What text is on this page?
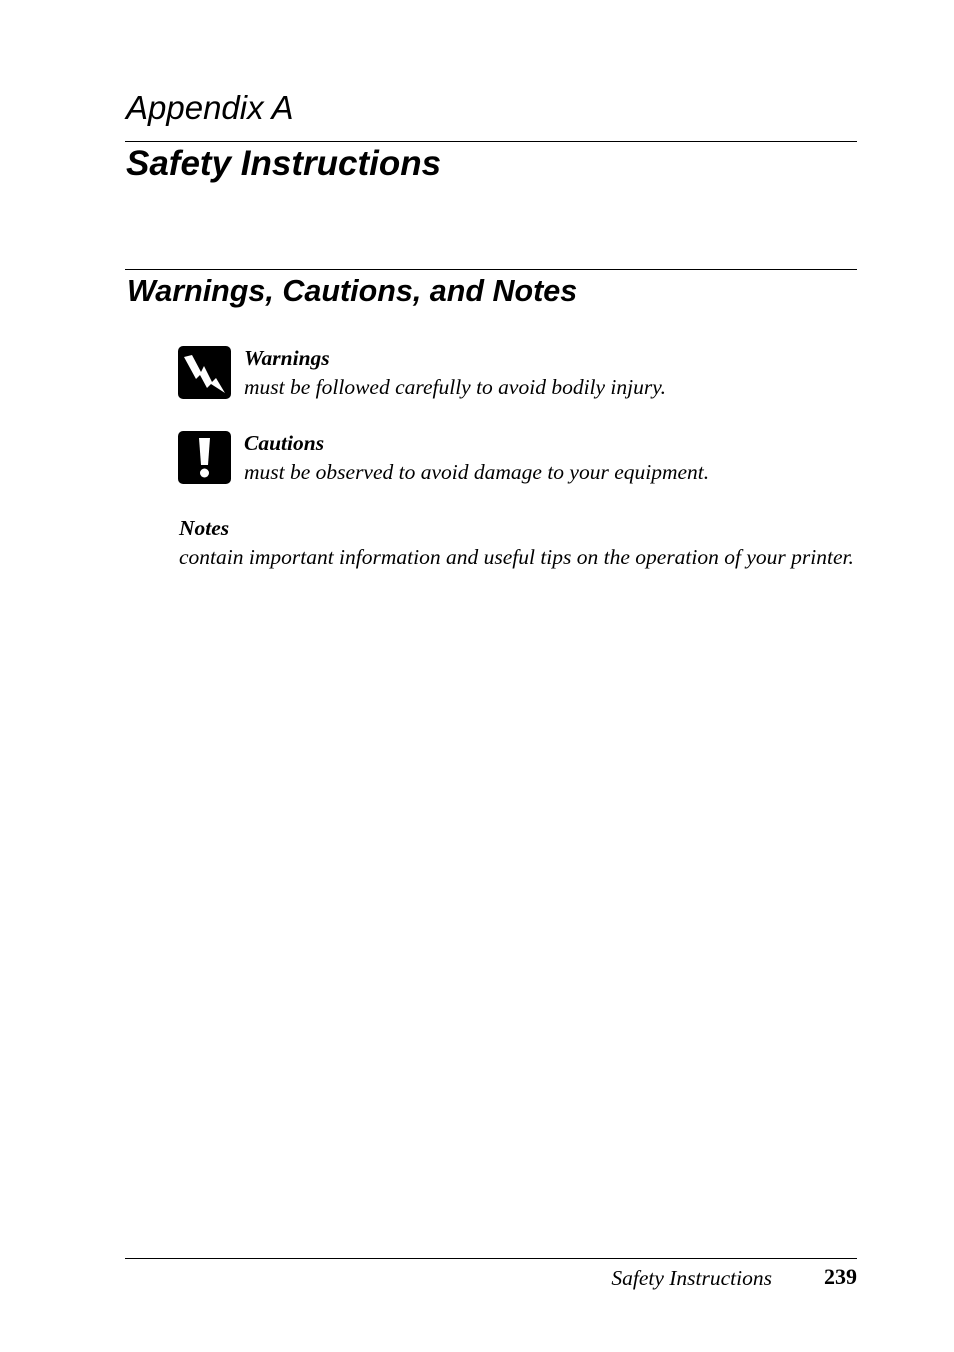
Appendix A
Safety Instructions
Warnings, Cautions, and Notes
Warnings
must be followed carefully to avoid bodily injury.
Cautions
must be observed to avoid damage to your equipment.
Notes
contain important information and useful tips on the operation of your printer.
Safety Instructions 239
